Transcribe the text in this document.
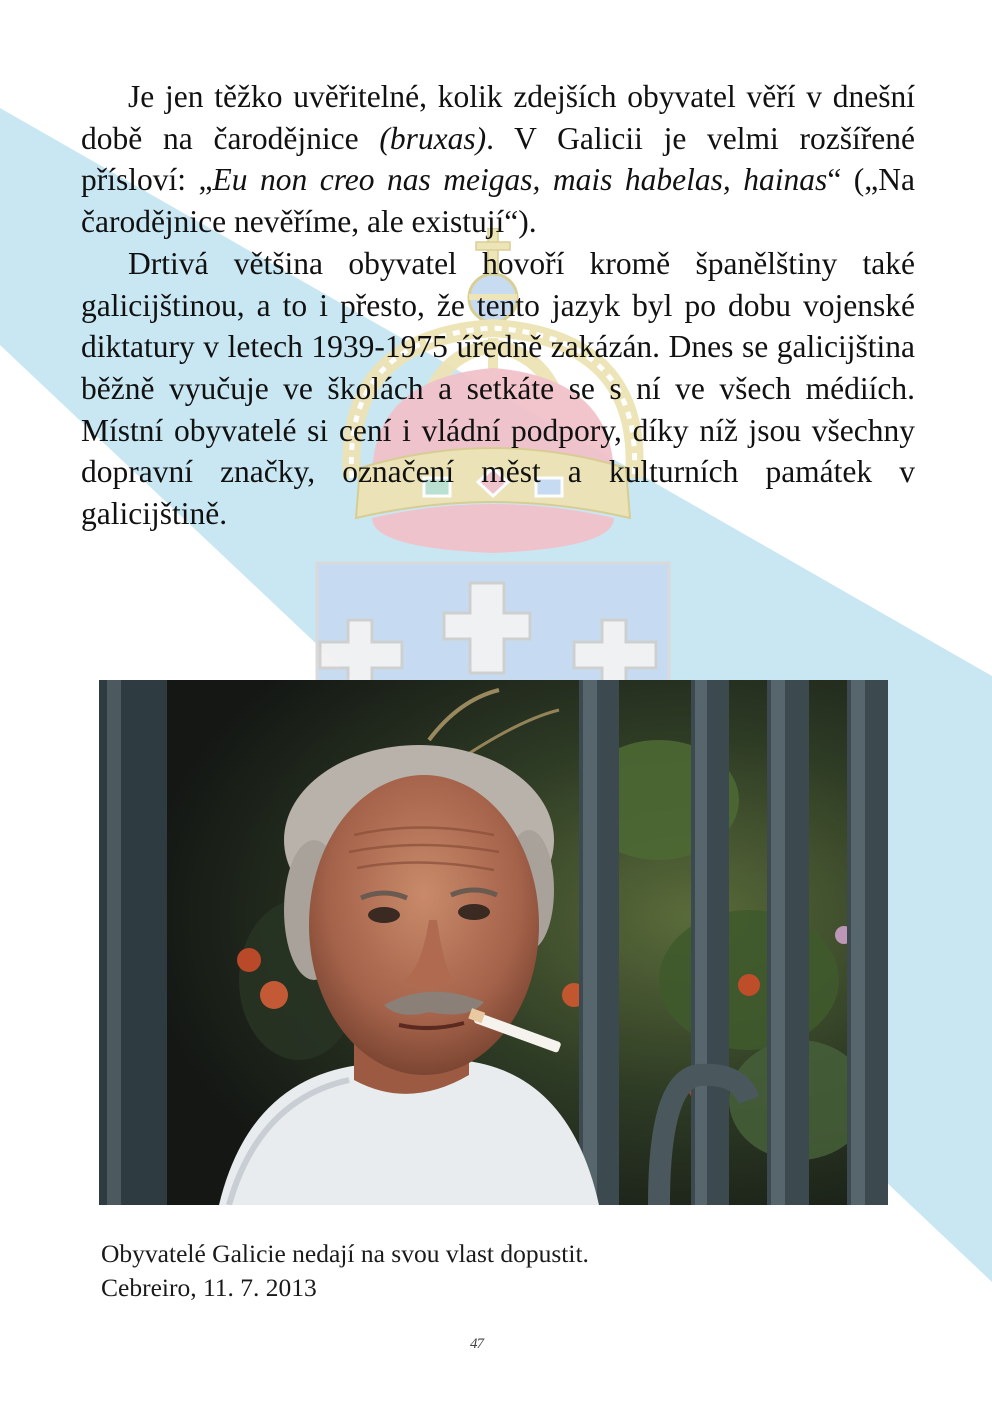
Je jen těžko uvěřitelné, kolik zdejších obyvatel věří v dnešní době na čarodějnice (bruxas). V Galicii je velmi rozšířené přísloví: „Eu non creo nas meigas, mais habelas, hainas“ („Na čarodějnice nevěříme, ale existují“).

Drtivá většina obyvatel hovoří kromě španělštiny také galicijštinou, a to i přesto, že tento jazyk byl po dobu vojenské diktatury v letech 1939-1975 úředně zakázán. Dnes se galicijština běžně vyučuje ve školách a setkáte se s ní ve všech médiích. Místní obyvatelé si cení i vládní podpory, díky níž jsou všechny dopravní značky, označení měst a kulturních památek v galicijštině.

Obyvatelé Galicie nedají na svou vlast dopustit.
Cebreiro, 11. 7. 2013
47
